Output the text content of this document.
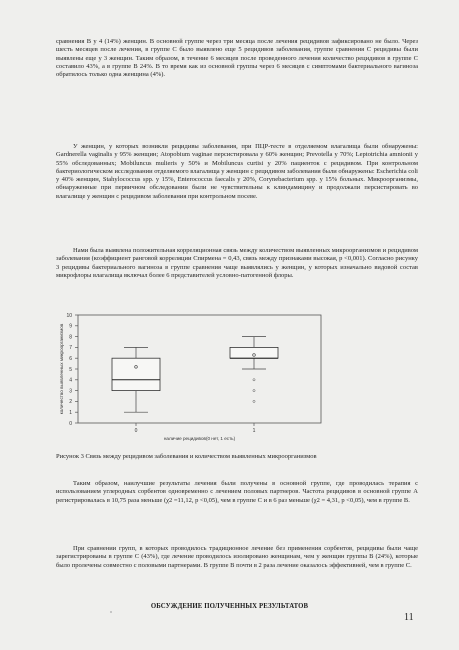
сравнения В у 4 (14%) женщин. В основной группе через три месяца после лечения рецидивов зафиксировано не было. Через шесть месяцев после лечения, в группе С было выявлено еще 5 рецидивов заболевания, группе сравнения С рецидивы были выявлены еще у 3 женщин. Таким образом, в течение 6 месяцев после проведенного лечения количество рецидивов в группе С составило 43%, а в группе В 24%. В то время как из основной группы через 6 месяцев с симптомами бактериального вагиноза обратилось только одна женщина (4%).

У женщин, у которых возникли рецидивы заболевания, при ПЦР-тесте в отделяемом влагалища были обнаружены: Gardnerella vaginalis у 95% женщин; Atopobium vaginae персистировала у 60% женщин; Prevotella у 70%; Leptotrichia amnionii у 55% обследованных; Mobiluncus mulieris у 50% и Mobiluncus curtisi у 20% пациенток с рецидивом. При контрольном бактериологическом исследовании отделяемого влагалища у женщин с рецидивом заболевания были обнаружены: Escherichia coli у 40% женщин, Stahylococcus spp. у 15%, Enterococcus faecalis у 20%, Corynebacterium spp. у 15% больных. Микроорганизмы, обнаруженные при первичном обследовании были не чувствительны к клиндамицину и продолжали персистировать во влагалище у женщин с рецидивом заболевания при контрольном посеве.

Нами была выявлена положительная корреляционная связь между количеством выявленных микроорганизмов и рецидивом заболевания (коэффициент ранговой корреляции Спирмена = 0,43, связь между признаками высокая, p <0,001). Согласно рисунку 3 рецидивы бактериального вагиноза в группе сравнения чаще выявлялись у женщин, у которых изначально видовой состав микрофлоры влагалища включал более 6 представителей условно-патогенной флоры.

0
1
2
3
4
5
6
7
8
9
10
0	1
наличие рецидивов(0 нет, 1 есть)
количество выявленных микроорганизмов
Рисунок 3 Связь между рецидивом заболевания и количеством выявленных микроорганизмов

Таким образом, наилучшие результаты лечения были получены в основной группе, где проводилась терапия с использованием углеродных сорбентов одновременно с лечением половых партнеров. Частота рецидивов в основной группе А регистрировалась в 10,75 раза меньше (χ2 =11,12, p <0,05), чем в группе С и в 6 раз меньше (χ2 = 4,31, p <0,05), чем в группе В.

При сравнении групп, в которых проводилось традиционное лечение без применения сорбентов, рецидивы были чаще зарегистрированы в группе С (43%), где лечение проводилось изолировано женщинам, чем у женщин группы В (24%), которые было пролечены совместно с половыми партнерами. В группе В почти в 2 раза лечение оказалось эффективней, чем в группе С.

ОБСУЖДЕНИЕ ПОЛУЧЕННЫХ РЕЗУЛЬТАТОВ
11
